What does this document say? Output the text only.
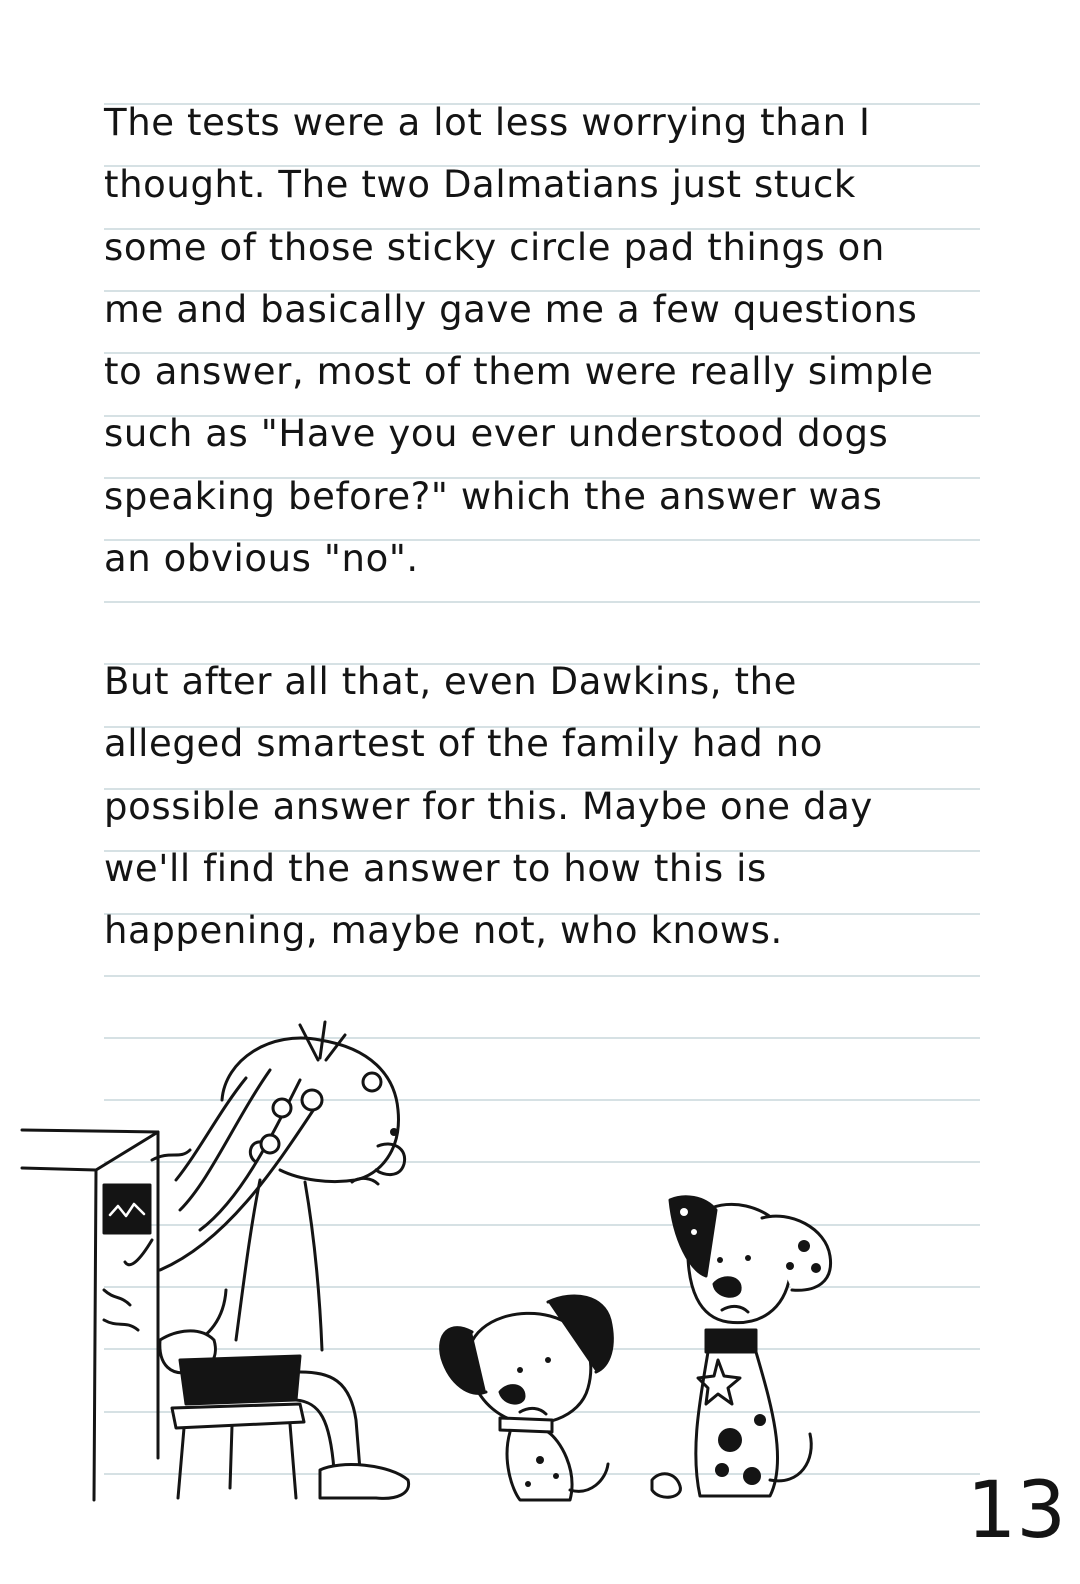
The tests were a lot less worrying than I
thought. The two Dalmatians just stuck
some of those sticky circle pad things on
me and basically gave me a few questions
to answer, most of them were really simple
such as "Have you ever understood dogs
speaking before?" which the answer was
an obvious "no".
But after all that, even Dawkins, the
alleged smartest of the family had no
possible answer for this. Maybe one day
we'll find the answer to how this is
happening, maybe not, who knows.
13
